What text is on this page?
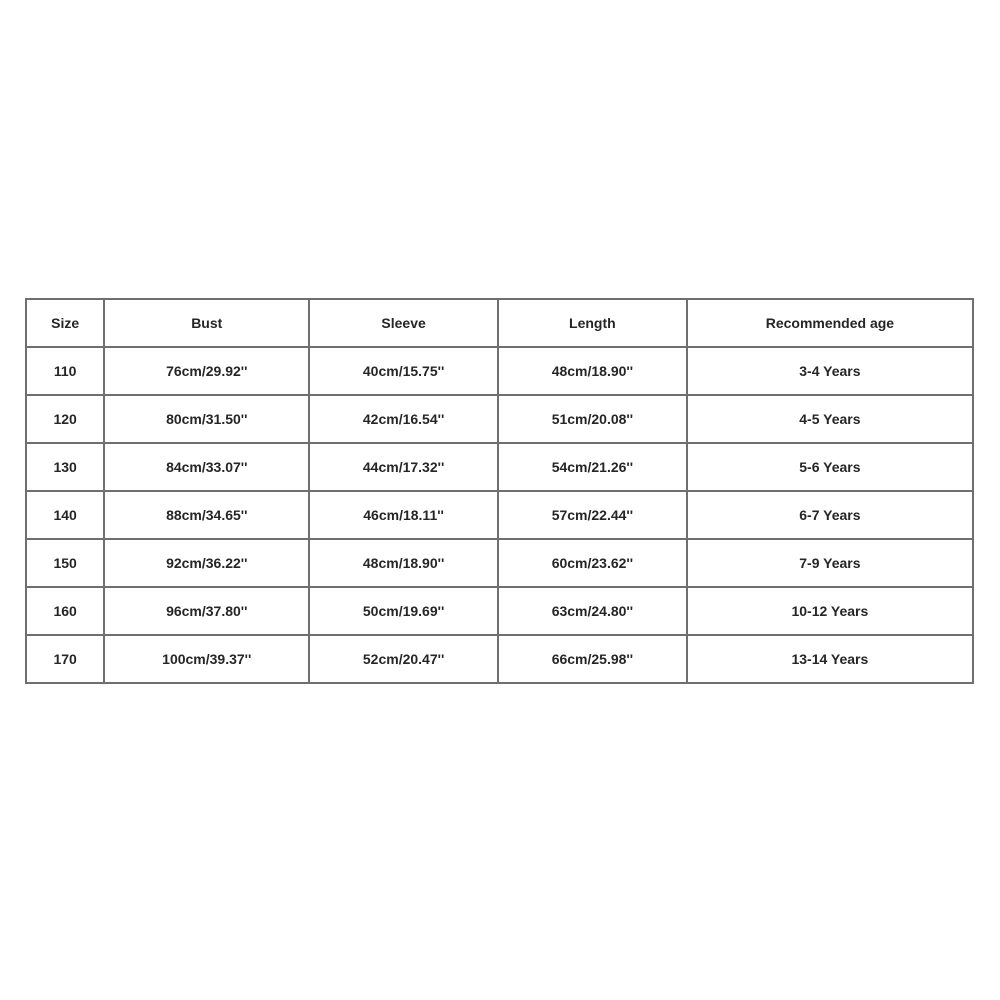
Size	Bust	Sleeve	Length	Recommended age
110	76cm/29.92''	40cm/15.75''	48cm/18.90''	3-4 Years
120	80cm/31.50''	42cm/16.54''	51cm/20.08''	4-5 Years
130	84cm/33.07''	44cm/17.32''	54cm/21.26''	5-6 Years
140	88cm/34.65''	46cm/18.11''	57cm/22.44''	6-7 Years
150	92cm/36.22''	48cm/18.90''	60cm/23.62''	7-9 Years
160	96cm/37.80''	50cm/19.69''	63cm/24.80''	10-12 Years
170	100cm/39.37''	52cm/20.47''	66cm/25.98''	13-14 Years
